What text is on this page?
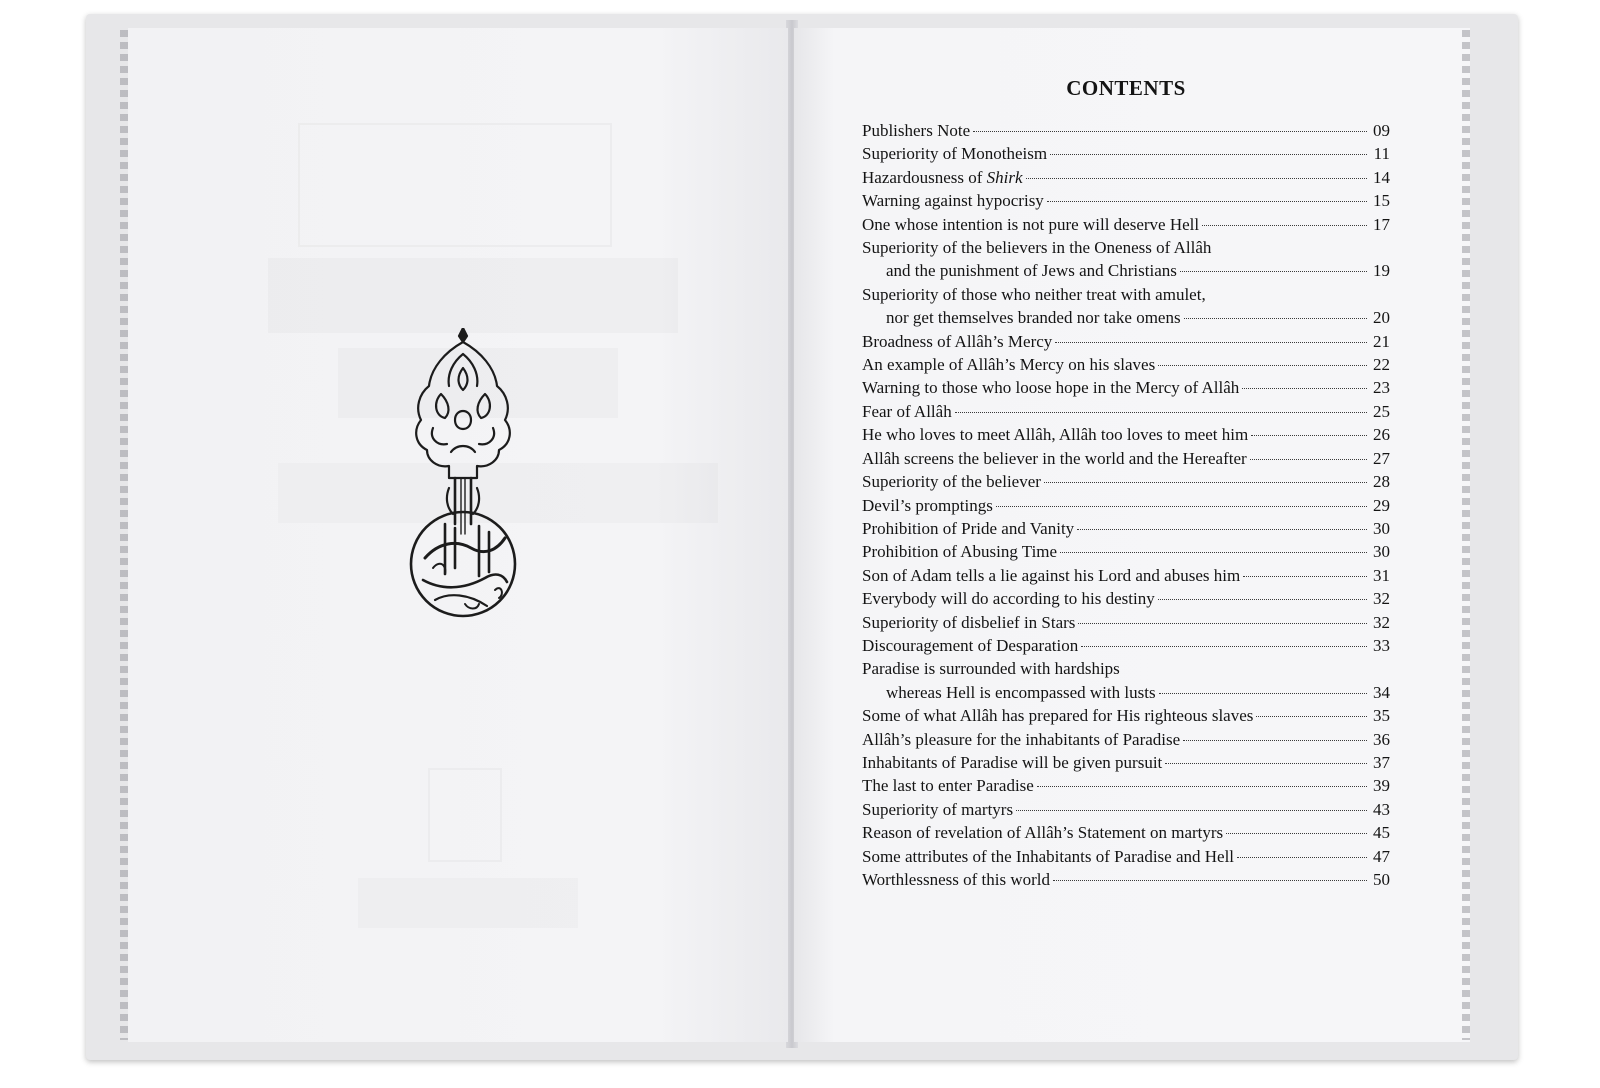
CONTENTS
Publishers Note	09
Superiority of Monotheism	11
Hazardousness of Shirk	14
Warning against hypocrisy	15
One whose intention is not pure will deserve Hell	17
Superiority of the believers in the Oneness of Allâh
and the punishment of Jews and Christians	19
Superiority of those who neither treat with amulet,
nor get themselves branded nor take omens	20
Broadness of Allâh’s Mercy	21
An example of Allâh’s Mercy on his slaves	22
Warning to those who loose hope in the Mercy of Allâh	23
Fear of Allâh	25
He who loves to meet Allâh, Allâh too loves to meet him	26
Allâh screens the believer in the world and the Hereafter	27
Superiority of the believer	28
Devil’s promptings	29
Prohibition of Pride and Vanity	30
Prohibition of Abusing Time	30
Son of Adam tells a lie against his Lord and abuses him	31
Everybody will do according to his destiny	32
Superiority of disbelief in Stars	32
Discouragement of Desparation	33
Paradise is surrounded with hardships
whereas Hell is encompassed with lusts	34
Some of what Allâh has prepared for His righteous slaves	35
Allâh’s pleasure for the inhabitants of Paradise	36
Inhabitants of Paradise will be given pursuit	37
The last to enter Paradise	39
Superiority of martyrs	43
Reason of revelation of Allâh’s Statement on martyrs	45
Some attributes of the Inhabitants of Paradise and Hell	47
Worthlessness of this world	50
